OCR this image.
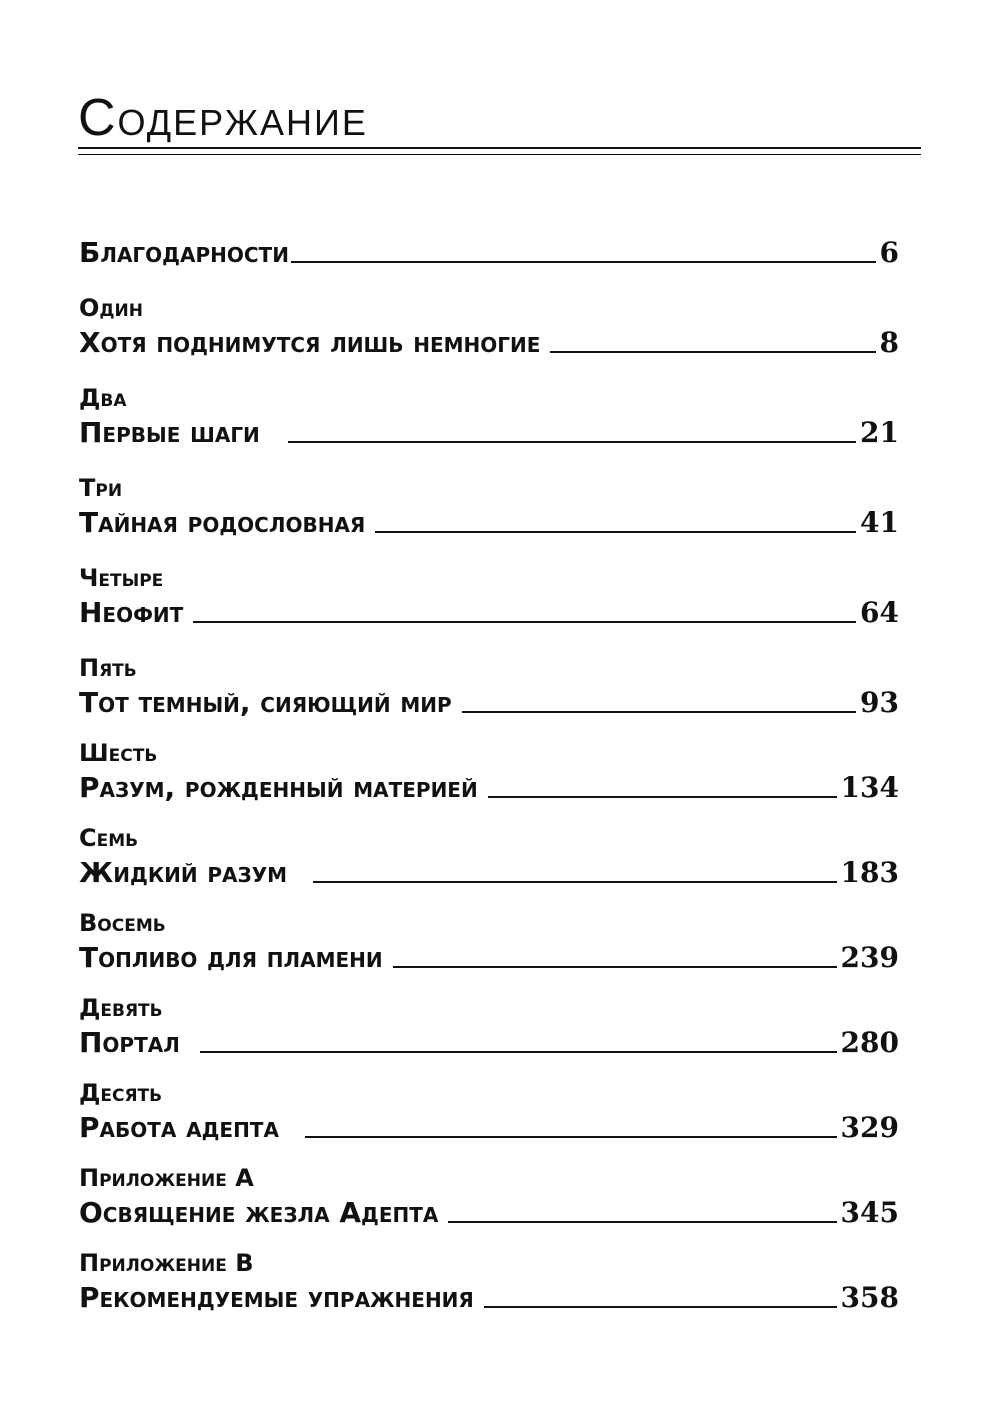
Содержание
Благодарности	6
Один
Хотя поднимутся лишь немногие	8
Два
Первые шаги	21
Три
Тайная родословная	41
Четыре
Неофит	64
Пять
Тот темный, сияющий мир	93
Шесть
Разум, рожденный материей	134
Семь
Жидкий разум	183
Восемь
Топливо для пламени	239
Девять
Портал	280
Десять
Работа адепта	329
Приложение А
Освящение жезла Адепта	345
Приложение В
Рекомендуемые упражнения	358
